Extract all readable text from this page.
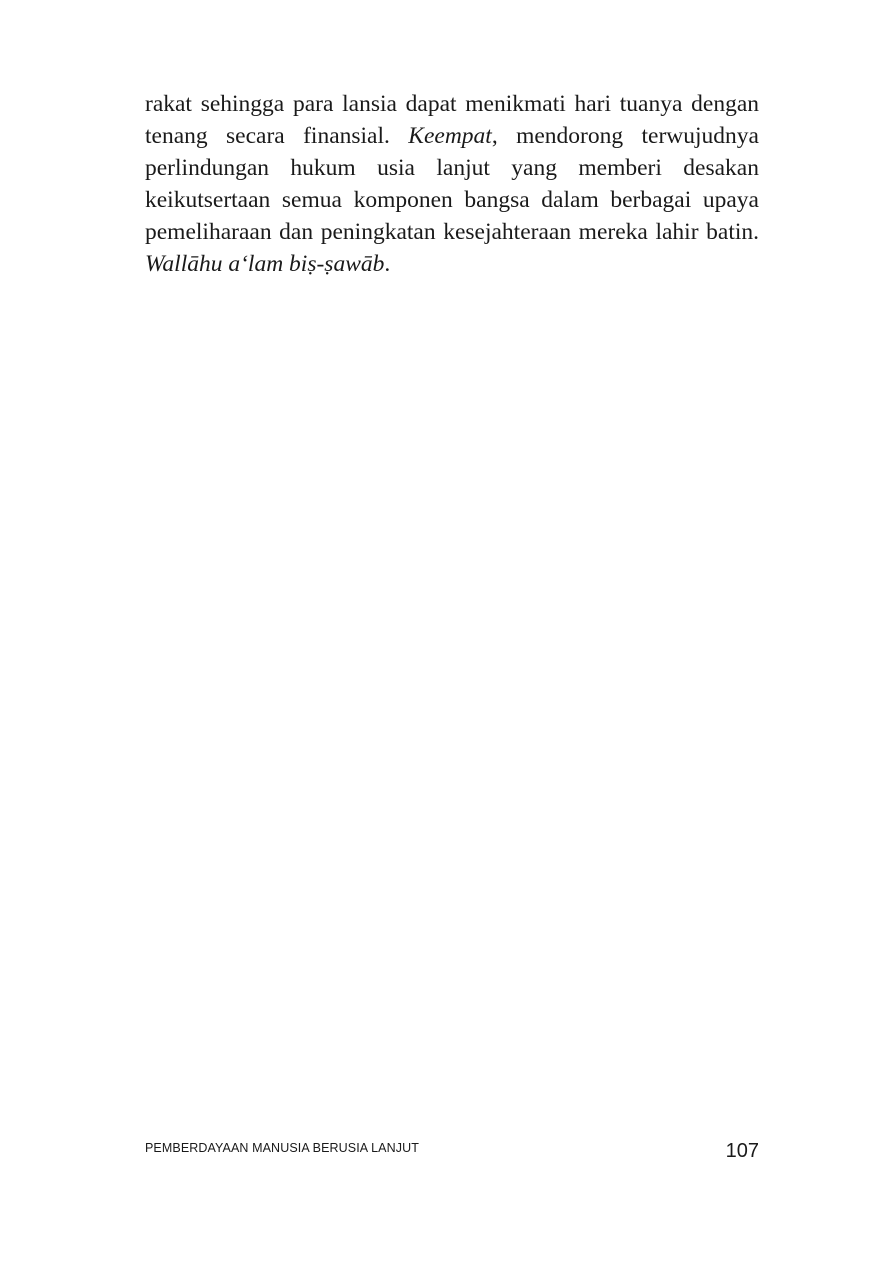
rakat sehingga para lansia dapat menikmati hari tuanya dengan tenang secara finansial. Keempat, mendorong terwujudnya perlindungan hukum usia lanjut yang memberi desakan keikutsertaan semua komponen bangsa dalam berbagai upaya pemeliharaan dan peningkatan kesejahteraan mereka lahir batin. Wallāhu a‘lam biṣ-ṣawāb.

PEMBERDAYAAN MANUSIA BERUSIA LANJUT	107
